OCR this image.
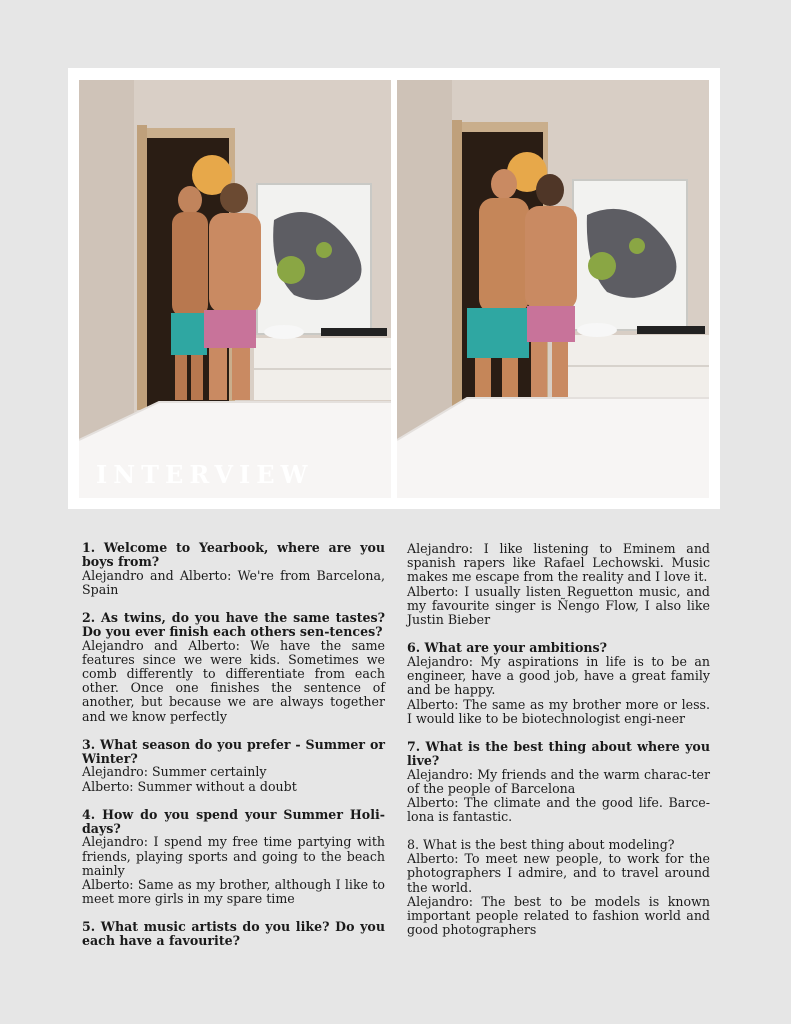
INTERVIEW
1. Welcome to Yearbook, where are you boys from?

Alejandro and Alberto: We're from Barcelona, Spain

2. As twins, do you have the same tastes? Do you ever finish each others sen-tences?

Alejandro and Alberto: We have the same features since we were kids. Sometimes we comb differently to differentiate from each other. Once one finishes the sentence of another, but because we are always together and we know perfectly

3. What season do you prefer - Summer or Winter?

Alejandro: Summer certainly

Alberto: Summer without a doubt

4. How do you spend your Summer Holi-days?

Alejandro: I spend my free time partying with friends, playing sports and going to the beach mainly

Alberto: Same as my brother, although I like to meet more girls in my spare time

5. What music artists do you like? Do you each have a favourite?

Alejandro: I like listening to Eminem and spanish rapers like Rafael Lechowski. Music makes me escape from the reality and I love it.

Alberto: I usually listen Reguetton music, and my favourite singer is Ñengo Flow, I also like Justin Bieber

6. What are your ambitions?

Alejandro: My aspirations in life is to be an engineer, have a good job, have a great family and be happy.

Alberto: The same as my brother more or less. I would like to be biotechnologist engi-neer

7. What is the best thing about where you live?

Alejandro: My friends and the warm charac-ter of the people of Barcelona

Alberto: The climate and the good life. Barce-lona is fantastic.

8. What is the best thing about modeling?

Alberto: To meet new people, to work for the photographers I admire, and to travel around the world.

Alejandro: The best to be models is known important people related to fashion world and good photographers
